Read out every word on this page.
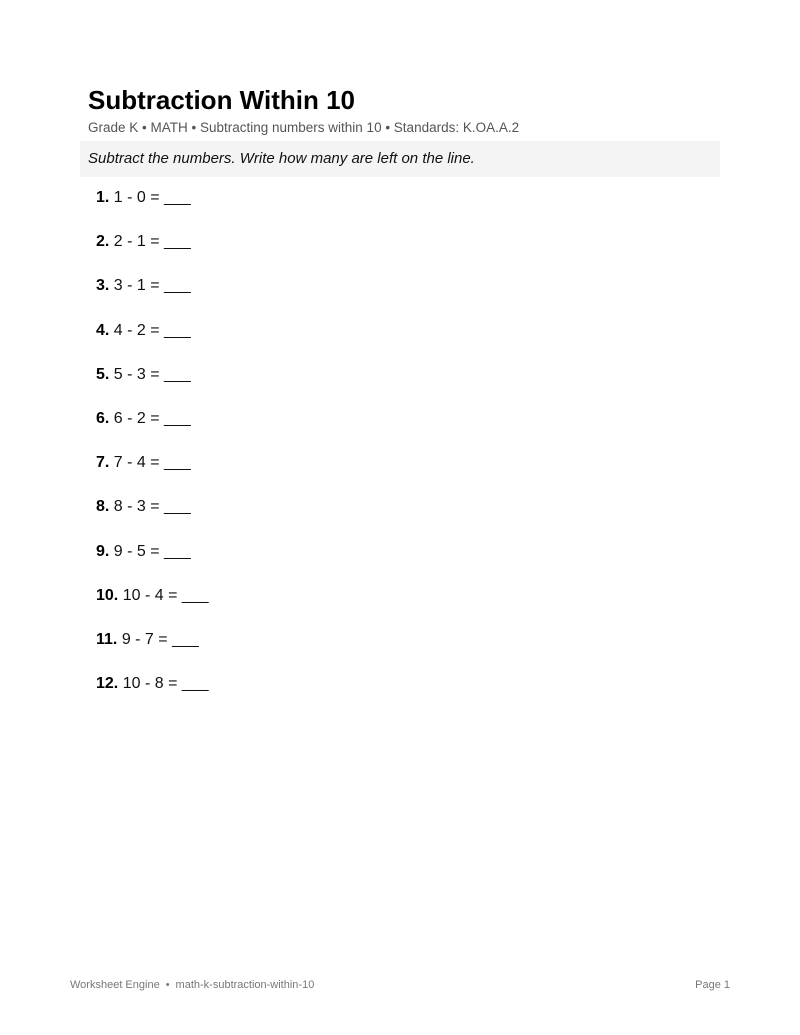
Subtraction Within 10
Grade K • MATH • Subtracting numbers within 10 • Standards: K.OA.A.2
Subtract the numbers. Write how many are left on the line.
1. 1 - 0 = ___
2. 2 - 1 = ___
3. 3 - 1 = ___
4. 4 - 2 = ___
5. 5 - 3 = ___
6. 6 - 2 = ___
7. 7 - 4 = ___
8. 8 - 3 = ___
9. 9 - 5 = ___
10. 10 - 4 = ___
11. 9 - 7 = ___
12. 10 - 8 = ___
Worksheet Engine • math-k-subtraction-within-10	Page 1
